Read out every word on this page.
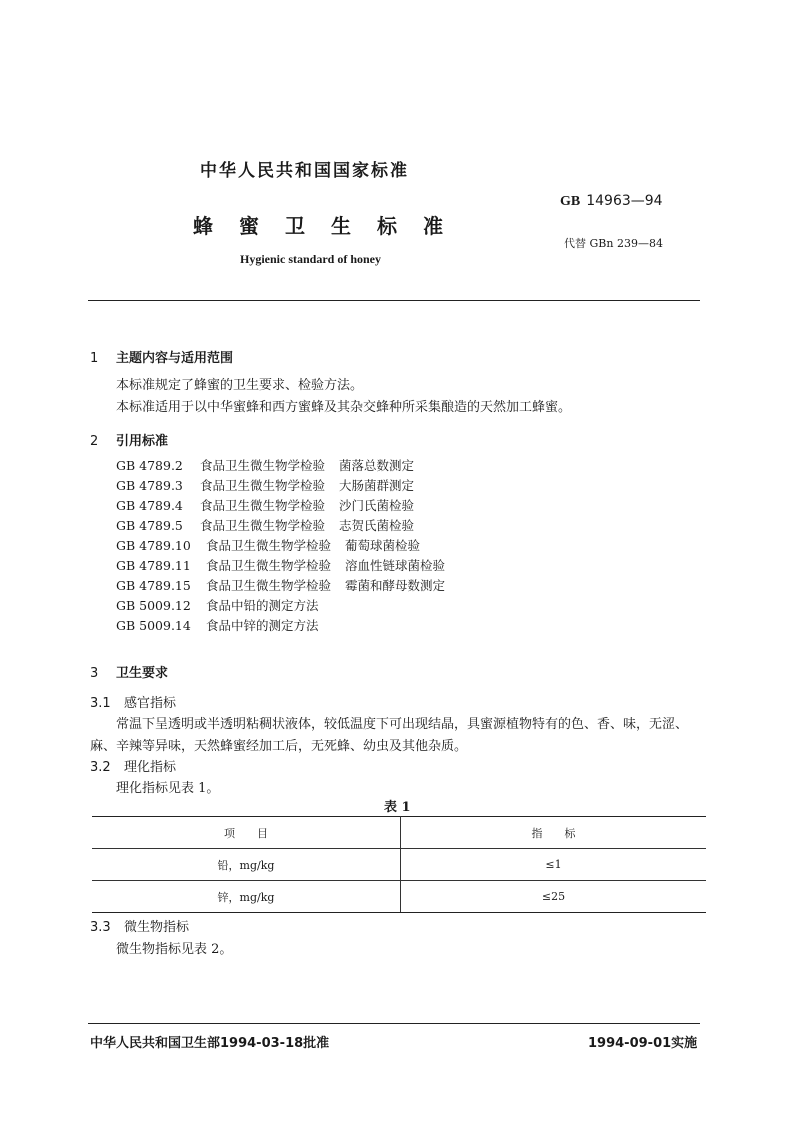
中华人民共和国国家标准
GB 14963—94
蜂蜜卫生标准
代替 GBn 239—84
Hygienic standard of honey
1 主题内容与适用范围
本标准规定了蜂蜜的卫生要求、检验方法。
本标准适用于以中华蜜蜂和西方蜜蜂及其杂交蜂种所采集酿造的天然加工蜂蜜。
2 引用标准
GB 4789.2 食品卫生微生物学检验 菌落总数测定
GB 4789.3 食品卫生微生物学检验 大肠菌群测定
GB 4789.4 食品卫生微生物学检验 沙门氏菌检验
GB 4789.5 食品卫生微生物学检验 志贺氏菌检验
GB 4789.10 食品卫生微生物学检验 葡萄球菌检验
GB 4789.11 食品卫生微生物学检验 溶血性链球菌检验
GB 4789.15 食品卫生微生物学检验 霉菌和酵母数测定
GB 5009.12 食品中铅的测定方法
GB 5009.14 食品中锌的测定方法
3 卫生要求
3.1 感官指标
常温下呈透明或半透明粘稠状液体，较低温度下可出现结晶，具蜜源植物特有的色、香、味，无涩、
麻、辛辣等异味，天然蜂蜜经加工后，无死蜂、幼虫及其他杂质。
3.2 理化指标
理化指标见表 1。
表 1
项　　目	指　　标
铅，mg/kg	≤1
锌，mg/kg	≤25
3.3 微生物指标
微生物指标见表 2。
中华人民共和国卫生部1994-03-18批准	1994-09-01实施
